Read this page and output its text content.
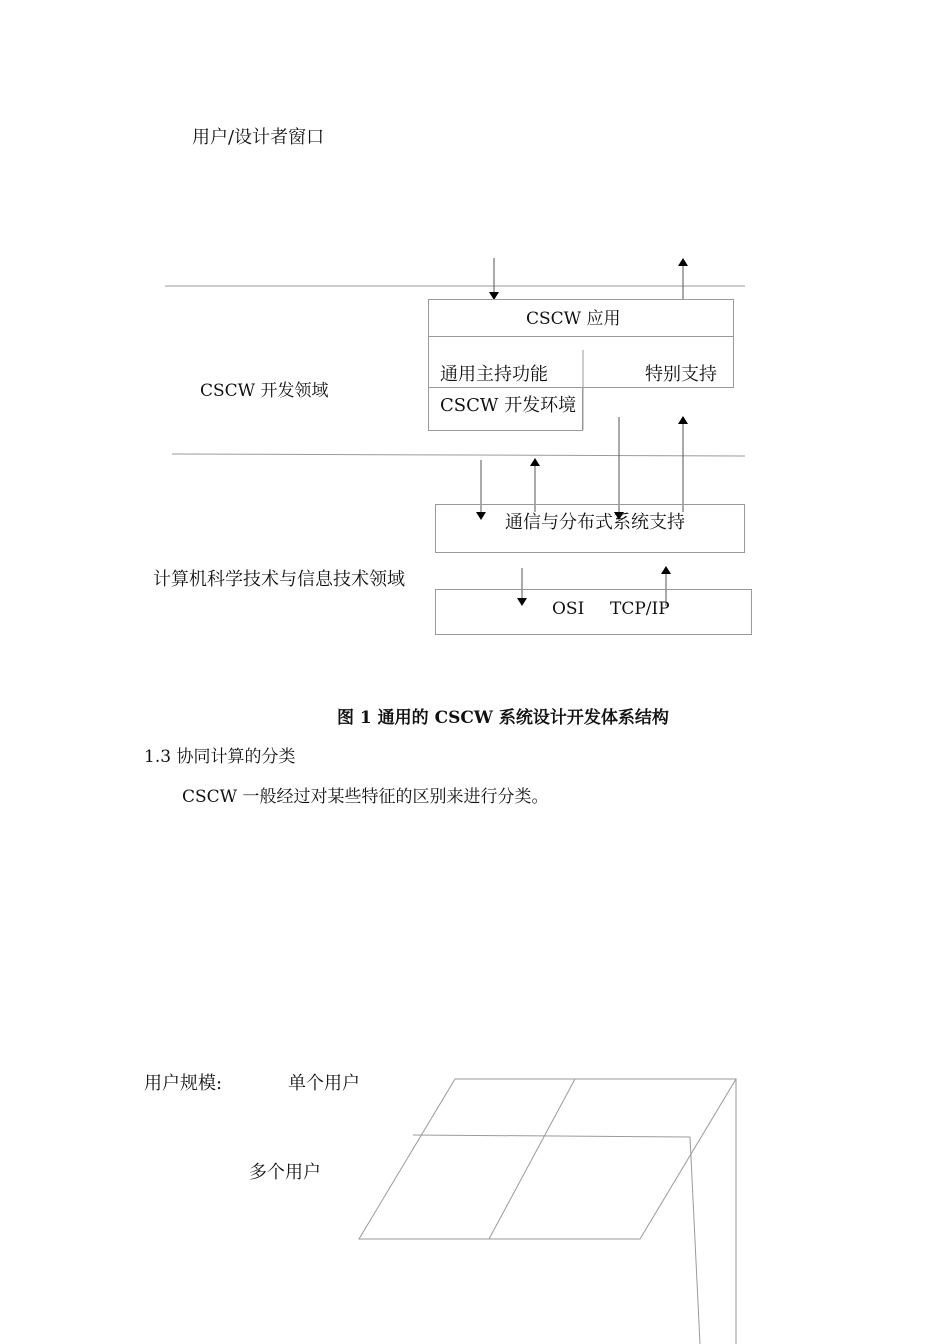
用户/设计者窗口
CSCW 开发领域
计算机科学技术与信息技术领域
CSCW 应用
通用主持功能	特别支持
CSCW 开发环境
通信与分布式系统支持
OSI TCP/IP
图 1 通用的 CSCW 系统设计开发体系结构
1.3 协同计算的分类
CSCW 一般经过对某些特征的区别来进行分类。
用户规模:	单个用户
多个用户
